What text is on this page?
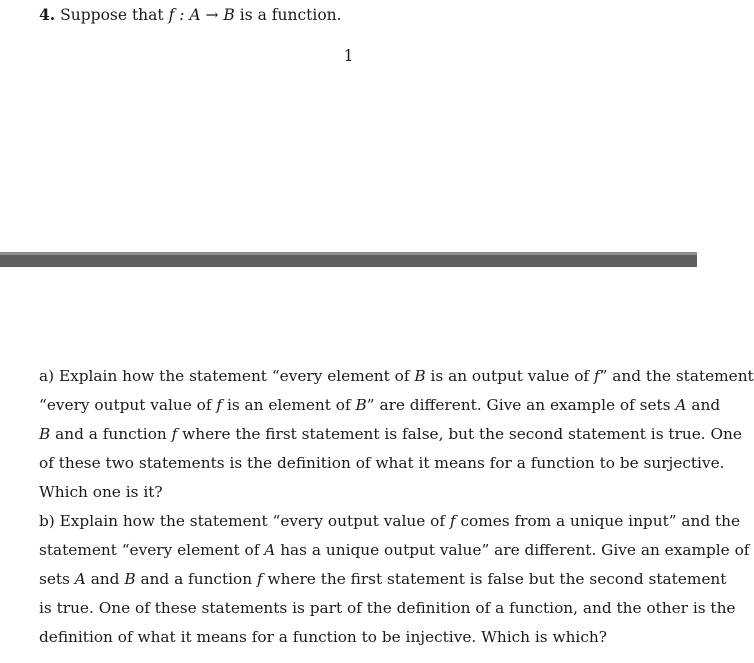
4. Suppose that f : A → B is a function.
1
a) Explain how the statement “every element of B is an output value of f” and the statement
“every output value of f is an element of B” are different. Give an example of sets A and
B and a function f where the first statement is false, but the second statement is true. One
of these two statements is the definition of what it means for a function to be surjective.
Which one is it?
b) Explain how the statement “every output value of f comes from a unique input” and the
statement “every element of A has a unique output value” are different. Give an example of
sets A and B and a function f where the first statement is false but the second statement
is true. One of these statements is part of the definition of a function, and the other is the
definition of what it means for a function to be injective. Which is which?
